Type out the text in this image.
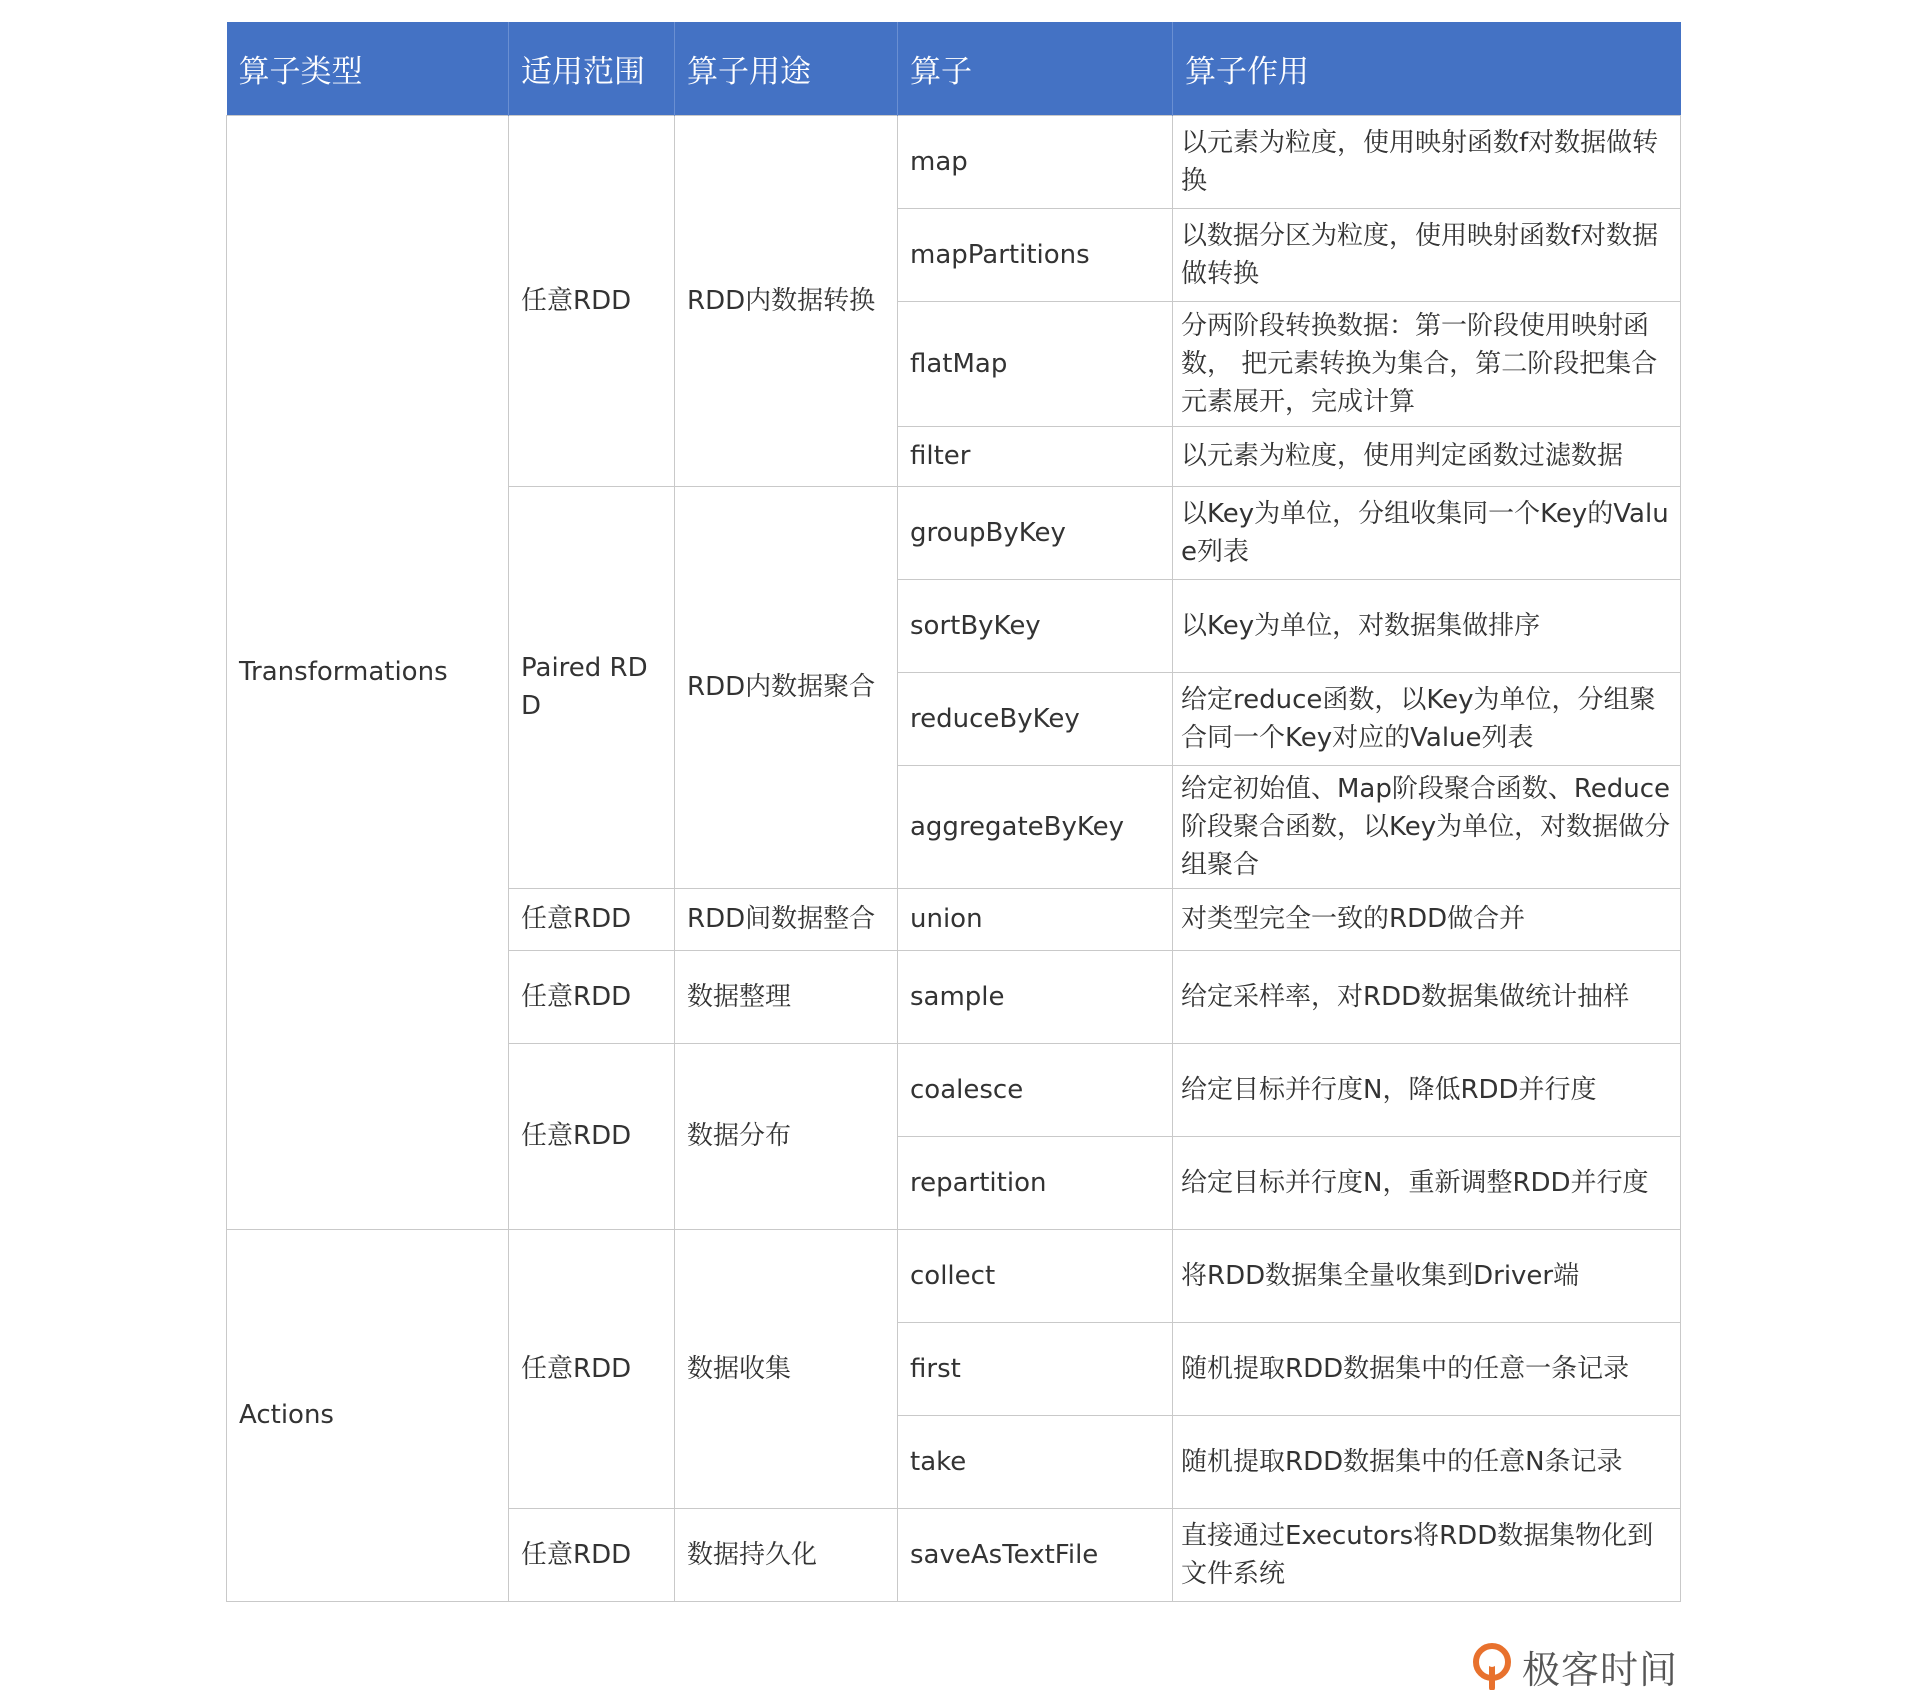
算子类型	适用范围	算子用途	算子	算子作用
Transformations	任意RDD	RDD内数据转换	map	以元素为粒度，使用映射函数f对数据做转换
			mapPartitions	以数据分区为粒度，使用映射函数f对数据做转换
			flatMap	分两阶段转换数据：第一阶段使用映射函数， 把元素转换为集合，第二阶段把集合元素展开，完成计算
			filter	以元素为粒度，使用判定函数过滤数据
	Paired RDD	RDD内数据聚合	groupByKey	以Key为单位，分组收集同一个Key的Value列表
			sortByKey	以Key为单位，对数据集做排序
			reduceByKey	给定reduce函数，以Key为单位，分组聚合同一个Key对应的Value列表
			aggregateByKey	给定初始值、Map阶段聚合函数、Reduce阶段聚合函数，以Key为单位，对数据做分组聚合
	任意RDD	RDD间数据整合	union	对类型完全一致的RDD做合并
	任意RDD	数据整理	sample	给定采样率，对RDD数据集做统计抽样
	任意RDD	数据分布	coalesce	给定目标并行度N，降低RDD并行度
			repartition	给定目标并行度N，重新调整RDD并行度
Actions	任意RDD	数据收集	collect	将RDD数据集全量收集到Driver端
			first	随机提取RDD数据集中的任意一条记录
			take	随机提取RDD数据集中的任意N条记录
	任意RDD	数据持久化	saveAsTextFile	直接通过Executors将RDD数据集物化到文件系统
极客时间
